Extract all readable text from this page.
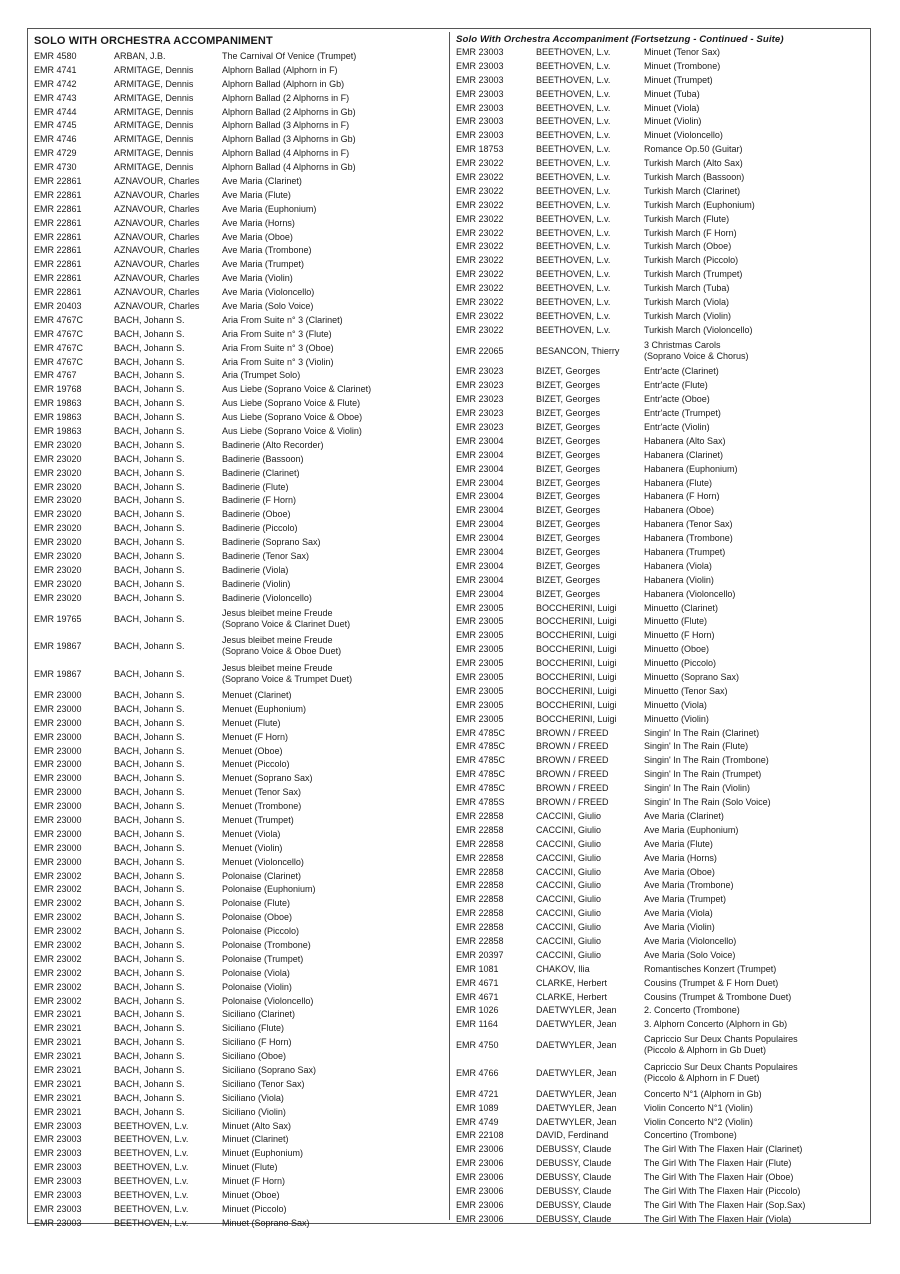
SOLO WITH ORCHESTRA ACCOMPANIMENT
EMR 4580	ARBAN, J.B.	The Carnival Of Venice (Trumpet)
EMR 4741	ARMITAGE, Dennis	Alphorn Ballad (Alphorn in F)
EMR 4742	ARMITAGE, Dennis	Alphorn Ballad (Alphorn in Gb)
EMR 4743	ARMITAGE, Dennis	Alphorn Ballad (2 Alphorns in F)
EMR 4744	ARMITAGE, Dennis	Alphorn Ballad (2 Alphorns in Gb)
EMR 4745	ARMITAGE, Dennis	Alphorn Ballad (3 Alphorns in F)
EMR 4746	ARMITAGE, Dennis	Alphorn Ballad (3 Alphorns in Gb)
EMR 4729	ARMITAGE, Dennis	Alphorn Ballad (4 Alphorns in F)
EMR 4730	ARMITAGE, Dennis	Alphorn Ballad (4 Alphorns in Gb)
EMR 22861	AZNAVOUR, Charles	Ave Maria (Clarinet)
EMR 22861	AZNAVOUR, Charles	Ave Maria (Flute)
EMR 22861	AZNAVOUR, Charles	Ave Maria (Euphonium)
EMR 22861	AZNAVOUR, Charles	Ave Maria (Horns)
EMR 22861	AZNAVOUR, Charles	Ave Maria (Oboe)
EMR 22861	AZNAVOUR, Charles	Ave Maria (Trombone)
EMR 22861	AZNAVOUR, Charles	Ave Maria (Trumpet)
EMR 22861	AZNAVOUR, Charles	Ave Maria (Violin)
EMR 22861	AZNAVOUR, Charles	Ave Maria (Violoncello)
EMR 20403	AZNAVOUR, Charles	Ave Maria (Solo Voice)
EMR 4767C	BACH, Johann S.	Aria From Suite n° 3 (Clarinet)
EMR 4767C	BACH, Johann S.	Aria From Suite n° 3 (Flute)
EMR 4767C	BACH, Johann S.	Aria From Suite n° 3 (Oboe)
EMR 4767C	BACH, Johann S.	Aria From Suite n° 3 (Violin)
EMR 4767	BACH, Johann S.	Aria (Trumpet Solo)
EMR 19768	BACH, Johann S.	Aus Liebe (Soprano Voice & Clarinet)
EMR 19863	BACH, Johann S.	Aus Liebe (Soprano Voice & Flute)
EMR 19863	BACH, Johann S.	Aus Liebe (Soprano Voice & Oboe)
EMR 19863	BACH, Johann S.	Aus Liebe (Soprano Voice & Violin)
EMR 23020	BACH, Johann S.	Badinerie (Alto Recorder)
EMR 23020	BACH, Johann S.	Badinerie (Bassoon)
EMR 23020	BACH, Johann S.	Badinerie (Clarinet)
EMR 23020	BACH, Johann S.	Badinerie (Flute)
EMR 23020	BACH, Johann S.	Badinerie (F Horn)
EMR 23020	BACH, Johann S.	Badinerie (Oboe)
EMR 23020	BACH, Johann S.	Badinerie (Piccolo)
EMR 23020	BACH, Johann S.	Badinerie (Soprano Sax)
EMR 23020	BACH, Johann S.	Badinerie (Tenor Sax)
EMR 23020	BACH, Johann S.	Badinerie (Viola)
EMR 23020	BACH, Johann S.	Badinerie (Violin)
EMR 23020	BACH, Johann S.	Badinerie (Violoncello)
EMR 19765	BACH, Johann S.
Jesus bleibet meine Freude
(Soprano Voice & Clarinet Duet)
EMR 19867	BACH, Johann S.
Jesus bleibet meine Freude
(Soprano Voice & Oboe Duet)
EMR 19867	BACH, Johann S.
Jesus bleibet meine Freude
(Soprano Voice & Trumpet Duet)
EMR 23000	BACH, Johann S.	Menuet (Clarinet)
EMR 23000	BACH, Johann S.	Menuet (Euphonium)
EMR 23000	BACH, Johann S.	Menuet (Flute)
EMR 23000	BACH, Johann S.	Menuet (F Horn)
EMR 23000	BACH, Johann S.	Menuet (Oboe)
EMR 23000	BACH, Johann S.	Menuet (Piccolo)
EMR 23000	BACH, Johann S.	Menuet (Soprano Sax)
EMR 23000	BACH, Johann S.	Menuet (Tenor Sax)
EMR 23000	BACH, Johann S.	Menuet (Trombone)
EMR 23000	BACH, Johann S.	Menuet (Trumpet)
EMR 23000	BACH, Johann S.	Menuet (Viola)
EMR 23000	BACH, Johann S.	Menuet (Violin)
EMR 23000	BACH, Johann S.	Menuet (Violoncello)
EMR 23002	BACH, Johann S.	Polonaise (Clarinet)
EMR 23002	BACH, Johann S.	Polonaise (Euphonium)
EMR 23002	BACH, Johann S.	Polonaise (Flute)
EMR 23002	BACH, Johann S.	Polonaise (Oboe)
EMR 23002	BACH, Johann S.	Polonaise (Piccolo)
EMR 23002	BACH, Johann S.	Polonaise (Trombone)
EMR 23002	BACH, Johann S.	Polonaise (Trumpet)
EMR 23002	BACH, Johann S.	Polonaise (Viola)
EMR 23002	BACH, Johann S.	Polonaise (Violin)
EMR 23002	BACH, Johann S.	Polonaise (Violoncello)
EMR 23021	BACH, Johann S.	Siciliano (Clarinet)
EMR 23021	BACH, Johann S.	Siciliano (Flute)
EMR 23021	BACH, Johann S.	Siciliano (F Horn)
EMR 23021	BACH, Johann S.	Siciliano (Oboe)
EMR 23021	BACH, Johann S.	Siciliano (Soprano Sax)
EMR 23021	BACH, Johann S.	Siciliano (Tenor Sax)
EMR 23021	BACH, Johann S.	Siciliano (Viola)
EMR 23021	BACH, Johann S.	Siciliano (Violin)
EMR 23003	BEETHOVEN, L.v.	Minuet (Alto Sax)
EMR 23003	BEETHOVEN, L.v.	Minuet (Clarinet)
EMR 23003	BEETHOVEN, L.v.	Minuet (Euphonium)
EMR 23003	BEETHOVEN, L.v.	Minuet (Flute)
EMR 23003	BEETHOVEN, L.v.	Minuet (F Horn)
EMR 23003	BEETHOVEN, L.v.	Minuet (Oboe)
EMR 23003	BEETHOVEN, L.v.	Minuet (Piccolo)
EMR 23003	BEETHOVEN, L.v.	Minuet (Soprano Sax)
Solo With Orchestra Accompaniment (Fortsetzung - Continued - Suite)
EMR 23003	BEETHOVEN, L.v.	Minuet (Tenor Sax)
EMR 23003	BEETHOVEN, L.v.	Minuet (Trombone)
EMR 23003	BEETHOVEN, L.v.	Minuet (Trumpet)
EMR 23003	BEETHOVEN, L.v.	Minuet (Tuba)
EMR 23003	BEETHOVEN, L.v.	Minuet (Viola)
EMR 23003	BEETHOVEN, L.v.	Minuet (Violin)
EMR 23003	BEETHOVEN, L.v.	Minuet (Violoncello)
EMR 18753	BEETHOVEN, L.v.	Romance Op.50 (Guitar)
EMR 23022	BEETHOVEN, L.v.	Turkish March (Alto Sax)
EMR 23022	BEETHOVEN, L.v.	Turkish March (Bassoon)
EMR 23022	BEETHOVEN, L.v.	Turkish March (Clarinet)
EMR 23022	BEETHOVEN, L.v.	Turkish March (Euphonium)
EMR 23022	BEETHOVEN, L.v.	Turkish March (Flute)
EMR 23022	BEETHOVEN, L.v.	Turkish March (F Horn)
EMR 23022	BEETHOVEN, L.v.	Turkish March (Oboe)
EMR 23022	BEETHOVEN, L.v.	Turkish March (Piccolo)
EMR 23022	BEETHOVEN, L.v.	Turkish March (Trumpet)
EMR 23022	BEETHOVEN, L.v.	Turkish March (Tuba)
EMR 23022	BEETHOVEN, L.v.	Turkish March (Viola)
EMR 23022	BEETHOVEN, L.v.	Turkish March (Violin)
EMR 23022	BEETHOVEN, L.v.	Turkish March (Violoncello)
EMR 22065	BESANCON, Thierry
3 Christmas Carols
(Soprano Voice & Chorus)
EMR 23023	BIZET, Georges	Entr'acte (Clarinet)
EMR 23023	BIZET, Georges	Entr'acte (Flute)
EMR 23023	BIZET, Georges	Entr'acte (Oboe)
EMR 23023	BIZET, Georges	Entr'acte (Trumpet)
EMR 23023	BIZET, Georges	Entr'acte (Violin)
EMR 23004	BIZET, Georges	Habanera (Alto Sax)
EMR 23004	BIZET, Georges	Habanera (Clarinet)
EMR 23004	BIZET, Georges	Habanera (Euphonium)
EMR 23004	BIZET, Georges	Habanera (Flute)
EMR 23004	BIZET, Georges	Habanera (F Horn)
EMR 23004	BIZET, Georges	Habanera (Oboe)
EMR 23004	BIZET, Georges	Habanera (Tenor Sax)
EMR 23004	BIZET, Georges	Habanera (Trombone)
EMR 23004	BIZET, Georges	Habanera (Trumpet)
EMR 23004	BIZET, Georges	Habanera (Viola)
EMR 23004	BIZET, Georges	Habanera (Violin)
EMR 23004	BIZET, Georges	Habanera (Violoncello)
EMR 23005	BOCCHERINI, Luigi	Minuetto (Clarinet)
EMR 23005	BOCCHERINI, Luigi	Minuetto (Flute)
EMR 23005	BOCCHERINI, Luigi	Minuetto (F Horn)
EMR 23005	BOCCHERINI, Luigi	Minuetto (Oboe)
EMR 23005	BOCCHERINI, Luigi	Minuetto (Piccolo)
EMR 23005	BOCCHERINI, Luigi	Minuetto (Soprano Sax)
EMR 23005	BOCCHERINI, Luigi	Minuetto (Tenor Sax)
EMR 23005	BOCCHERINI, Luigi	Minuetto (Viola)
EMR 23005	BOCCHERINI, Luigi	Minuetto (Violin)
EMR 4785C	BROWN / FREED	Singin' In The Rain (Clarinet)
EMR 4785C	BROWN / FREED	Singin' In The Rain (Flute)
EMR 4785C	BROWN / FREED	Singin' In The Rain (Trombone)
EMR 4785C	BROWN / FREED	Singin' In The Rain (Trumpet)
EMR 4785C	BROWN / FREED	Singin' In The Rain (Violin)
EMR 4785S	BROWN / FREED	Singin' In The Rain (Solo Voice)
EMR 22858	CACCINI, Giulio	Ave Maria (Clarinet)
EMR 22858	CACCINI, Giulio	Ave Maria (Euphonium)
EMR 22858	CACCINI, Giulio	Ave Maria (Flute)
EMR 22858	CACCINI, Giulio	Ave Maria (Horns)
EMR 22858	CACCINI, Giulio	Ave Maria (Oboe)
EMR 22858	CACCINI, Giulio	Ave Maria (Trombone)
EMR 22858	CACCINI, Giulio	Ave Maria (Trumpet)
EMR 22858	CACCINI, Giulio	Ave Maria (Viola)
EMR 22858	CACCINI, Giulio	Ave Maria (Violin)
EMR 22858	CACCINI, Giulio	Ave Maria (Violoncello)
EMR 20397	CACCINI, Giulio	Ave Maria (Solo Voice)
EMR 1081	CHAKOV, Ilia	Romantisches Konzert (Trumpet)
EMR 4671	CLARKE, Herbert	Cousins (Trumpet & F Horn Duet)
EMR 4671	CLARKE, Herbert	Cousins (Trumpet & Trombone Duet)
EMR 1026	DAETWYLER, Jean	2. Concerto (Trombone)
EMR 1164	DAETWYLER, Jean	3. Alphorn Concerto (Alphorn in Gb)
EMR 4750	DAETWYLER, Jean
Capriccio Sur Deux Chants Populaires
(Piccolo & Alphorn in Gb Duet)
EMR 4766	DAETWYLER, Jean
Capriccio Sur Deux Chants Populaires
(Piccolo & Alphorn in F Duet)
EMR 4721	DAETWYLER, Jean	Concerto N°1 (Alphorn in Gb)
EMR 1089	DAETWYLER, Jean	Violin Concerto N°1 (Violin)
EMR 4749	DAETWYLER, Jean	Violin Concerto N°2 (Violin)
EMR 22108	DAVID, Ferdinand	Concertino (Trombone)
EMR 23006	DEBUSSY, Claude	The Girl With The Flaxen Hair (Clarinet)
EMR 23006	DEBUSSY, Claude	The Girl With The Flaxen Hair (Flute)
EMR 23006	DEBUSSY, Claude	The Girl With The Flaxen Hair (Oboe)
EMR 23006	DEBUSSY, Claude	The Girl With The Flaxen Hair (Piccolo)
EMR 23006	DEBUSSY, Claude	The Girl With The Flaxen Hair (Sop.Sax)
EMR 23006	DEBUSSY, Claude	The Girl With The Flaxen Hair (Viola)
